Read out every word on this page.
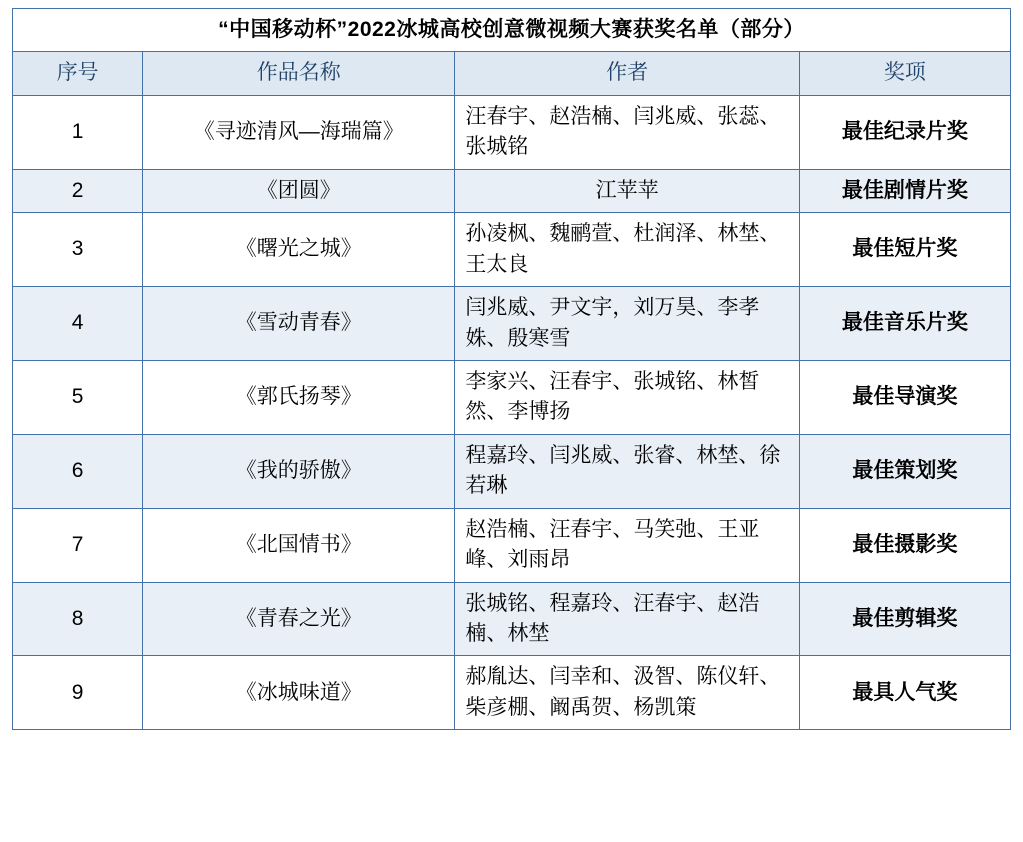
“中国移动杯”2022冰城高校创意微视频大赛获奖名单（部分）			
序号	作品名称	作者	奖项
1	《寻迹清风—海瑞篇》	汪春宇、赵浩楠、闫兆威、张蕊、张城铭	最佳纪录片奖
2	《团圆》	江苹苹	最佳剧情片奖
3	《曙光之城》	孙凌枫、魏鹂萱、杜润泽、林埜、王太良	最佳短片奖
4	《雪动青春》	闫兆威、尹文宇，刘万昊、李孝姝、殷寒雪	最佳音乐片奖
5	《郭氏扬琴》	李家兴、汪春宇、张城铭、林皙然、李博扬	最佳导演奖
6	《我的骄傲》	程嘉玲、闫兆威、张睿、林埜、徐若琳	最佳策划奖
7	《北国情书》	赵浩楠、汪春宇、马笑弛、王亚峰、刘雨昂	最佳摄影奖
8	《青春之光》	张城铭、程嘉玲、汪春宇、赵浩楠、林埜	最佳剪辑奖
9	《冰城味道》	郝胤达、闫幸和、汲智、陈仪轩、柴彦棚、阚禹贺、杨凯策	最具人气奖
